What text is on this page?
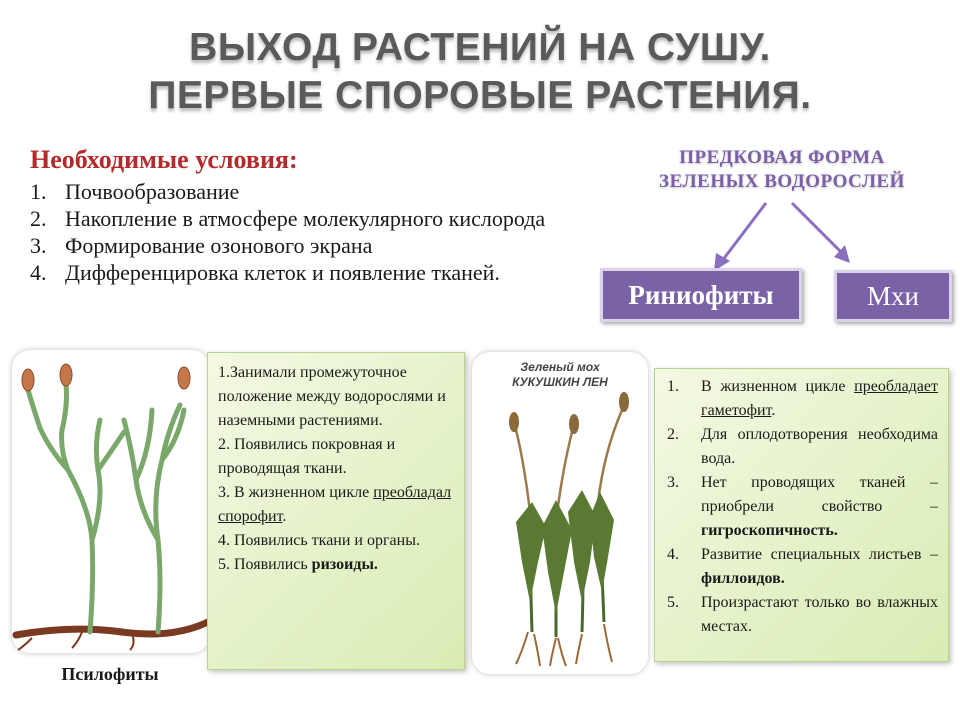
ВЫХОД РАСТЕНИЙ НА СУШУ.
ПЕРВЫЕ СПОРОВЫЕ РАСТЕНИЯ.
Необходимые условия:
1. Почвообразование
2. Накопление в атмосфере молекулярного кислорода
3. Формирование озонового экрана
4. Дифференцировка клеток и появление тканей.
ПРЕДКОВАЯ ФОРМА
ЗЕЛЕНЫХ ВОДОРОСЛЕЙ
Риниофиты	Мхи
Псилофиты
1.Занимали промежуточное положение между водорослями и наземными растениями.
2. Появились покровная и проводящая ткани.
3. В жизненном цикле преобладал спорофит.
4. Появились ткани и органы.
5. Появились ризоиды.
Зеленый мох
КУКУШКИН ЛЕН	1. В жизненном цикле преобладает гаметофит.
2. Для оплодотворения необходима вода.
3. Нет проводящих тканей – приобрели свойство – гигроскопичность.
4. Развитие специальных листьев – филлоидов.
5. Произрастают только во влажных местах.
